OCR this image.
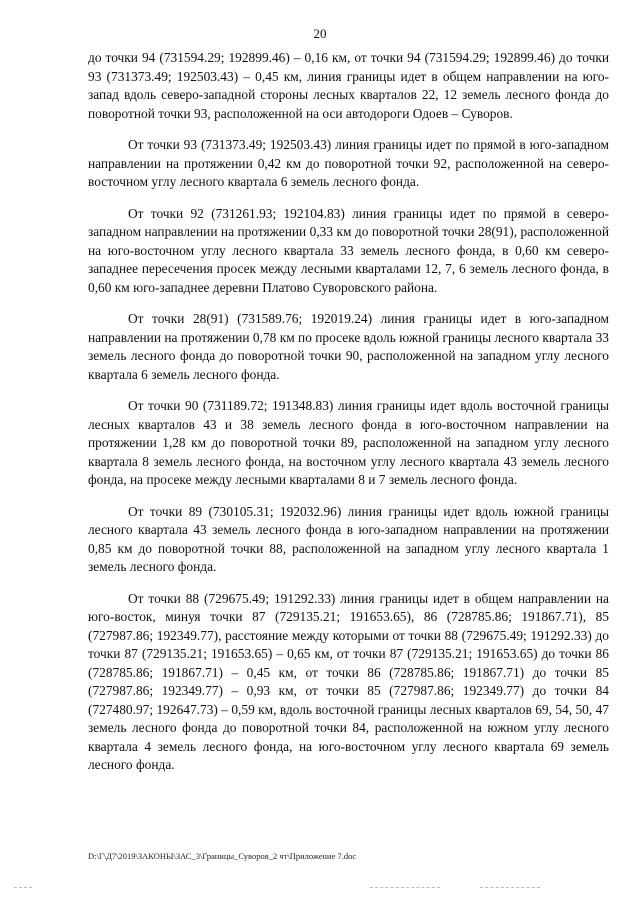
20

до точки 94 (731594.29; 192899.46) – 0,16 км, от точки 94 (731594.29; 192899.46) до точки 93 (731373.49; 192503.43) – 0,45 км, линия границы идет в общем направлении на юго-запад вдоль северо-западной стороны лесных кварталов 22, 12 земель лесного фонда до поворотной точки 93, расположенной на оси автодороги Одоев – Суворов.

От точки 93 (731373.49; 192503.43) линия границы идет по прямой в юго-западном направлении на протяжении 0,42 км до поворотной точки 92, расположенной на северо-восточном углу лесного квартала 6 земель лесного фонда.

От точки 92 (731261.93; 192104.83) линия границы идет по прямой в северо-западном направлении на протяжении 0,33 км до поворотной точки 28(91), расположенной на юго-восточном углу лесного квартала 33 земель лесного фонда, в 0,60 км северо-западнее пересечения просек между лесными кварталами 12, 7, 6 земель лесного фонда, в 0,60 км юго-западнее деревни Платово Суворовского района.

От точки 28(91) (731589.76; 192019.24) линия границы идет в юго-западном направлении на протяжении 0,78 км по просеке вдоль южной границы лесного квартала 33 земель лесного фонда до поворотной точки 90, расположенной на западном углу лесного квартала 6 земель лесного фонда.

От точки 90 (731189.72; 191348.83) линия границы идет вдоль восточной границы лесных кварталов 43 и 38 земель лесного фонда в юго-восточном направлении на протяжении 1,28 км до поворотной точки 89, расположенной на западном углу лесного квартала 8 земель лесного фонда, на восточном углу лесного квартала 43 земель лесного фонда, на просеке между лесными кварталами 8 и 7 земель лесного фонда.

От точки 89 (730105.31; 192032.96) линия границы идет вдоль южной границы лесного квартала 43 земель лесного фонда в юго-западном направлении на протяжении 0,85 км до поворотной точки 88, расположенной на западном углу лесного квартала 1 земель лесного фонда.

От точки 88 (729675.49; 191292.33) линия границы идет в общем направлении на юго-восток, минуя точки 87 (729135.21; 191653.65), 86 (728785.86; 191867.71), 85 (727987.86; 192349.77), расстояние между которыми от точки 88 (729675.49; 191292.33) до точки 87 (729135.21; 191653.65) – 0,65 км, от точки 87 (729135.21; 191653.65) до точки 86 (728785.86; 191867.71) – 0,45 км, от точки 86 (728785.86; 191867.71) до точки 85 (727987.86; 192349.77) – 0,93 км, от точки 85 (727987.86; 192349.77) до точки 84 (727480.97; 192647.73) – 0,59 км, вдоль восточной границы лесных кварталов 69, 54, 50, 47 земель лесного фонда до поворотной точки 84, расположенной на южном углу лесного квартала 4 земель лесного фонда, на юго-восточном углу лесного квартала 69 земель лесного фонда.

D:\Г\Д7\2019\ЗАКОНЫ\ЗАС_3\Границы_Суворов_2 чт\Приложение 7.doc
